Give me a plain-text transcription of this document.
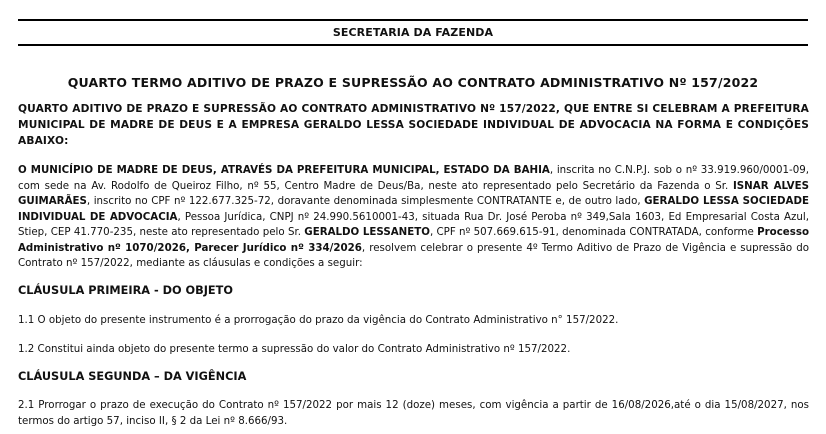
SECRETARIA DA FAZENDA
QUARTO TERMO ADITIVO DE PRAZO E SUPRESSÃO AO CONTRATO ADMINISTRATIVO Nº 157/2022
QUARTO ADITIVO DE PRAZO E SUPRESSÃO AO CONTRATO ADMINISTRATIVO Nº 157/2022, QUE ENTRE SI CELEBRAM A PREFEITURA MUNICIPAL DE MADRE DE DEUS E A EMPRESA GERALDO LESSA SOCIEDADE INDIVIDUAL DE ADVOCACIA NA FORMA E CONDIÇÕES ABAIXO:
O MUNICÍPIO DE MADRE DE DEUS, ATRAVÉS DA PREFEITURA MUNICIPAL, ESTADO DA BAHIA, inscrita no C.N.P.J. sob o nº 33.919.960/0001-09, com sede na Av. Rodolfo de Queiroz Filho, nº 55, Centro Madre de Deus/Ba, neste ato representado pelo Secretário da Fazenda o Sr. ISNAR ALVES GUIMARÃES, inscrito no CPF nº 122.677.325-72, doravante denominada simplesmente CONTRATANTE e, de outro lado, GERALDO LESSA SOCIEDADE INDIVIDUAL DE ADVOCACIA, Pessoa Jurídica, CNPJ nº 24.990.5610001-43, situada Rua Dr. José Peroba nº 349,Sala 1603, Ed Empresarial Costa Azul, Stiep, CEP 41.770-235, neste ato representado pelo Sr. GERALDO LESSANETO, CPF nº 507.669.615-91, denominada CONTRATADA, conforme Processo Administrativo nº 1070/2026, Parecer Jurídico nº 334/2026, resolvem celebrar o presente 4º Termo Aditivo de Prazo de Vigência e supressão do Contrato nº 157/2022, mediante as cláusulas e condições a seguir:
CLÁUSULA PRIMEIRA - DO OBJETO
1.1 O objeto do presente instrumento é a prorrogação do prazo da vigência do Contrato Administrativo n° 157/2022.
1.2 Constitui ainda objeto do presente termo a supressão do valor do Contrato Administrativo nº 157/2022.
CLÁUSULA SEGUNDA – DA VIGÊNCIA
2.1 Prorrogar o prazo de execução do Contrato nº 157/2022 por mais 12 (doze) meses, com vigência a partir de 16/08/2026,até o dia 15/08/2027, nos termos do artigo 57, inciso II, § 2 da Lei nº 8.666/93.
